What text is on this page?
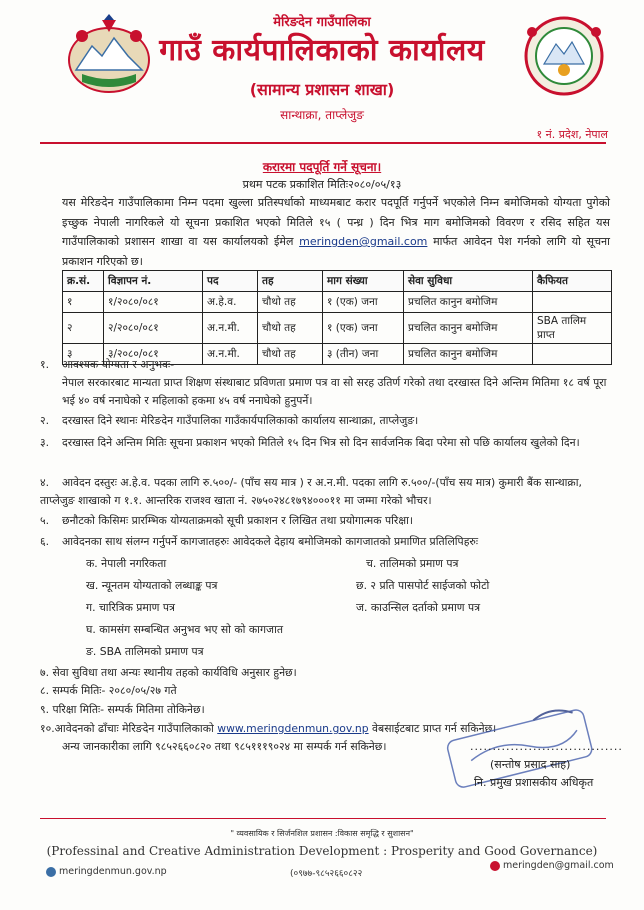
मेरिङदेन गाउँपालिका
गाउँ कार्यपालिकाको कार्यालय
(सामान्य प्रशासन शाखा)
सान्थाक्रा, ताप्लेजुङ
१ नं. प्रदेश, नेपाल
करारमा पदपूर्ति गर्ने सूचना।
प्रथम पटक प्रकाशित मितिः२०८०/०५/१३
यस मेरिङदेन गाउँपालिकामा निम्न पदमा खुल्ला प्रतिस्पर्धाको माध्यमबाट करार पदपूर्ति गर्नुपर्ने भएकोले निम्न बमोजिमको योग्यता पुगेको इच्छुक नेपाली नागरिकले यो सूचना प्रकाशित भएको मितिले १५ ( पन्ध्र ) दिन भित्र माग बमोजिमको विवरण र रसिद सहित यस गाउँपालिकाको प्रशासन शाखा वा यस कार्यालयको ईमेल meringden@gmail.com मार्फत आवेदन पेश गर्नको लागि यो सूचना प्रकाशन गरिएको छ।
क्र.सं.	विज्ञापन नं.	पद	तह	माग संख्या	सेवा सुविधा	कैफियत
१	१/२०८०/०८१	अ.हे.व.	चौथो तह	१ (एक) जना	प्रचलित कानुन बमोजिम	
२	२/२०८०/०८१	अ.न.मी.	चौथो तह	१ (एक) जना	प्रचलित कानुन बमोजिम	SBA तालिम प्राप्त
३	३/२०८०/०८१	अ.न.मी.	चौथो तह	३ (तीन) जना	प्रचलित कानुन बमोजिम	
१. आवश्यक योग्यता र अनुभवः-
नेपाल सरकारबाट मान्यता प्राप्त शिक्षण संस्थाबाट प्रविणता प्रमाण पत्र वा सो सरह उतिर्ण गरेको तथा दरखास्त दिने अन्तिम मितिमा १८ वर्ष पूरा भई ४० वर्ष ननाघेको र महिलाको हकमा ४५ वर्ष ननाघेको हुनुपर्ने।
२. दरखास्त दिने स्थानः मेरिङदेन गाउँपालिका गाउँकार्यपालिकाको कार्यालय सान्थाक्रा, ताप्लेजुङ।
३. दरखास्त दिने अन्तिम मितिः सूचना प्रकाशन भएको मितिले १५ दिन भित्र सो दिन सार्वजनिक बिदा परेमा सो पछि कार्यालय खुलेको दिन।
४. आवेदन दस्तुरः अ.हे.व. पदका लागि रु.५००/- (पाँच सय मात्र ) र अ.न.मी. पदका लागि रु.५००/-(पाँच सय मात्र) कुमारी बैंक सान्थाक्रा, ताप्लेजुङ शाखाको ग १.१. आन्तरिक राजश्व खाता नं. २७५०२४८१७९४०००११ मा जम्मा गरेको भौचर।
५. छनौटको किसिमः प्रारम्भिक योग्यताक्रमको सूची प्रकाशन र लिखित तथा प्रयोगात्मक परिक्षा।
६. आवेदनका साथ संलग्न गर्नुपर्ने कागजातहरुः आवेदकले देहाय बमोजिमको कागजातको प्रमाणित प्रतिलिपिहरुः
क. नेपाली नगरिकता
ख. न्यूनतम योग्यताको लब्धाङ्क पत्र
ग. चारित्रिक प्रमाण पत्र
घ. कामसंग सम्बन्धित अनुभव भए सो को कागजात
ङ. SBA तालिमको प्रमाण पत्र
च. तालिमको प्रमाण पत्र
छ. २ प्रति पासपोर्ट साईजको फोटो
ज. काउन्सिल दर्ताको प्रमाण पत्र
७. सेवा सुविधा तथा अन्यः स्थानीय तहको कार्यविधि अनुसार हुनेछ।
८. सम्पर्क मितिः- २०८०/०५/२७ गते
९. परिक्षा मितिः- सम्पर्क मितिमा तोकिनेछ।
१०.आवेदनको ढाँचाः मेरिङदेन गाउँपालिकाको www.meringdenmun.gov.np वेबसाईटबाट प्राप्त गर्न सकिनेछ।
अन्य जानकारीका लागि ९८५२६६०८२० तथा ९८५१११९०२४ मा सम्पर्क गर्न सकिनेछ।	..................................
(सन्तोष प्रसाद साह)
नि. प्रमुख प्रशासकीय अधिकृत
" व्यवसायिक र सिर्जनशिल प्रशासन :विकास समृद्धि र सुशासन"
(Professinal and Creative Administration Development : Prosperity and Good Governance)
meringdenmun.gov.np	(०९७७-९८५२६६०८२२
meringden@gmail.com
